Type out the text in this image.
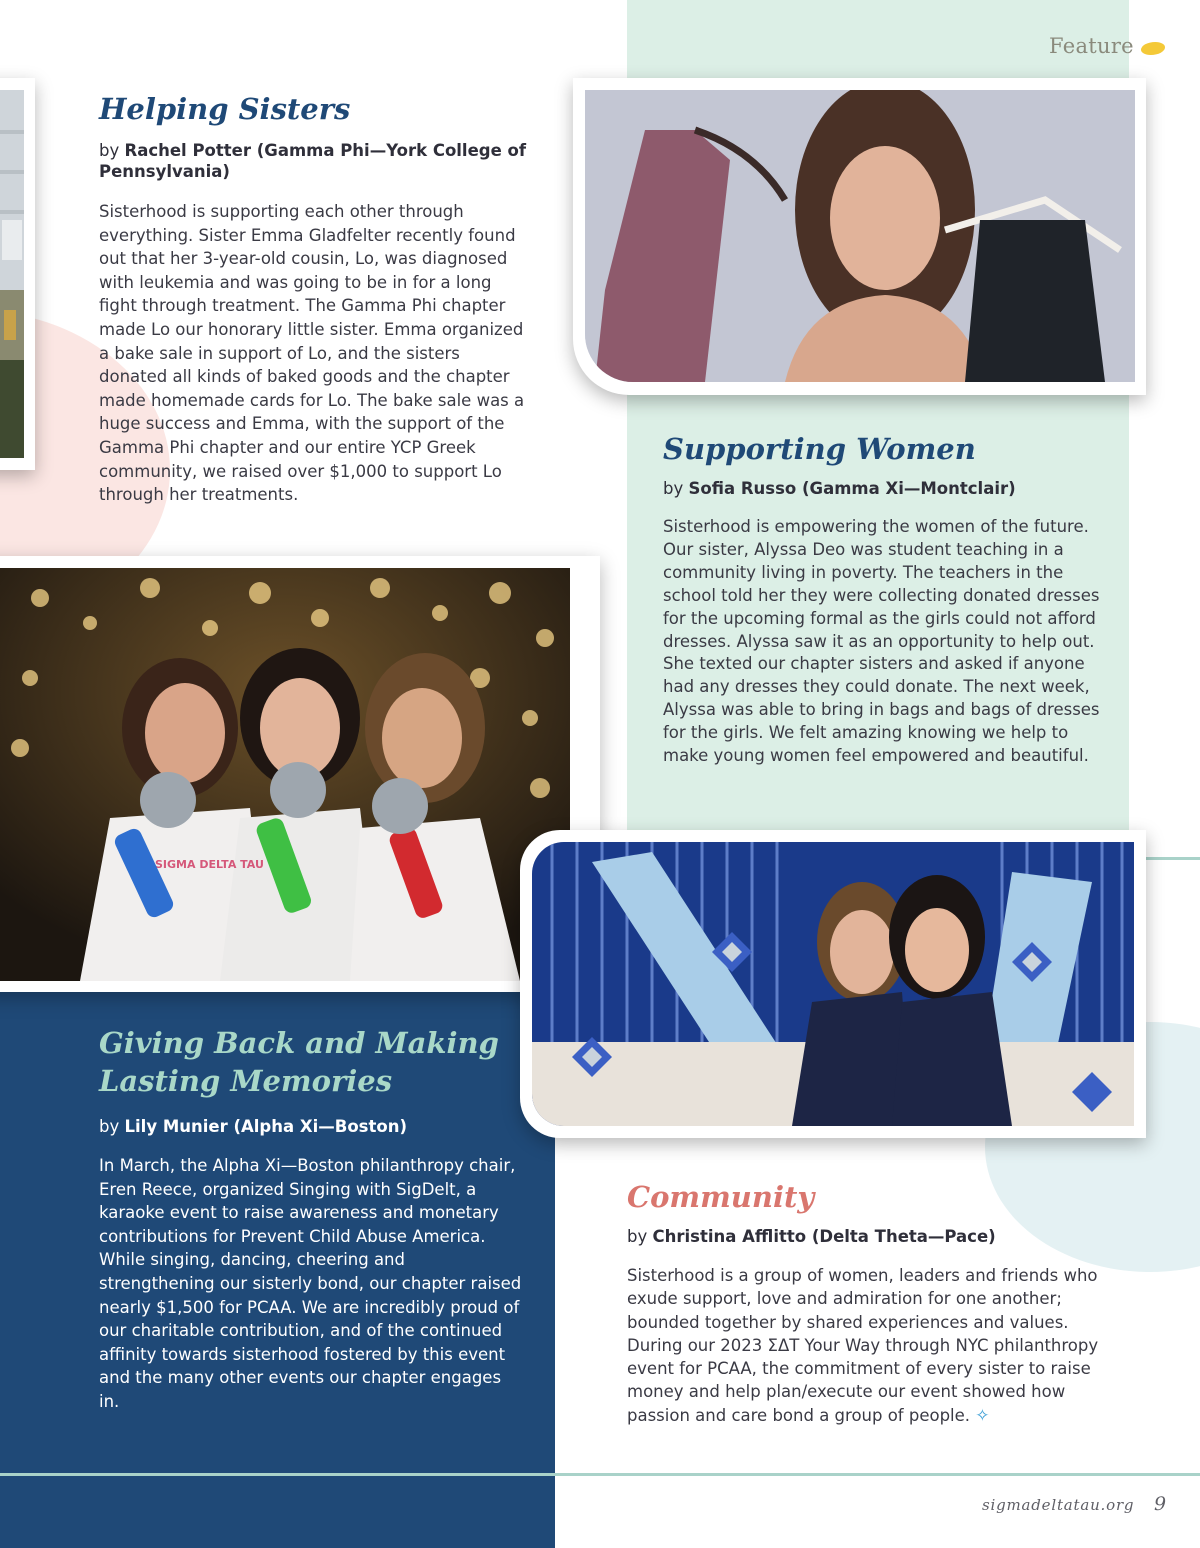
Feature
SIGMA DELTA TAU
Helping Sisters
by Rachel Potter (Gamma Phi—York College of Pennsylvania)

Sisterhood is supporting each other through everything. Sister Emma Gladfelter recently found out that her 3-year-old cousin, Lo, was diagnosed with leukemia and was going to be in for a long fight through treatment. The Gamma Phi chapter made Lo our honorary little sister. Emma organized a bake sale in support of Lo, and the sisters donated all kinds of baked goods and the chapter made homemade cards for Lo. The bake sale was a huge success and Emma, with the support of the Gamma Phi chapter and our entire YCP Greek community, we raised over $1,000 to support Lo through her treatments.

Supporting Women
by Sofia Russo (Gamma Xi—Montclair)

Sisterhood is empowering the women of the future. Our sister, Alyssa Deo was student teaching in a community living in poverty. The teachers in the school told her they were collecting donated dresses for the upcoming formal as the girls could not afford dresses. Alyssa saw it as an opportunity to help out. She texted our chapter sisters and asked if anyone had any dresses they could donate. The next week, Alyssa was able to bring in bags and bags of dresses for the girls. We felt amazing knowing we help to make young women feel empowered and beautiful.

Giving Back and Making Lasting Memories
by Lily Munier (Alpha Xi—Boston)

In March, the Alpha Xi—Boston philanthropy chair, Eren Reece, organized Singing with SigDelt, a karaoke event to raise awareness and monetary contributions for Prevent Child Abuse America. While singing, dancing, cheering and strengthening our sisterly bond, our chapter raised nearly $1,500 for PCAA. We are incredibly proud of our charitable contribution, and of the continued affinity towards sisterhood fostered by this event and the many other events our chapter engages in.

Community
by Christina Afflitto (Delta Theta—Pace)

Sisterhood is a group of women, leaders and friends who exude support, love and admiration for one another; bounded together by shared experiences and values. During our 2023 ΣΔT Your Way through NYC philanthropy event for PCAA, the commitment of every sister to raise money and help plan/execute our event showed how passion and care bond a group of people. ✧

sigmadeltatau.org 9
